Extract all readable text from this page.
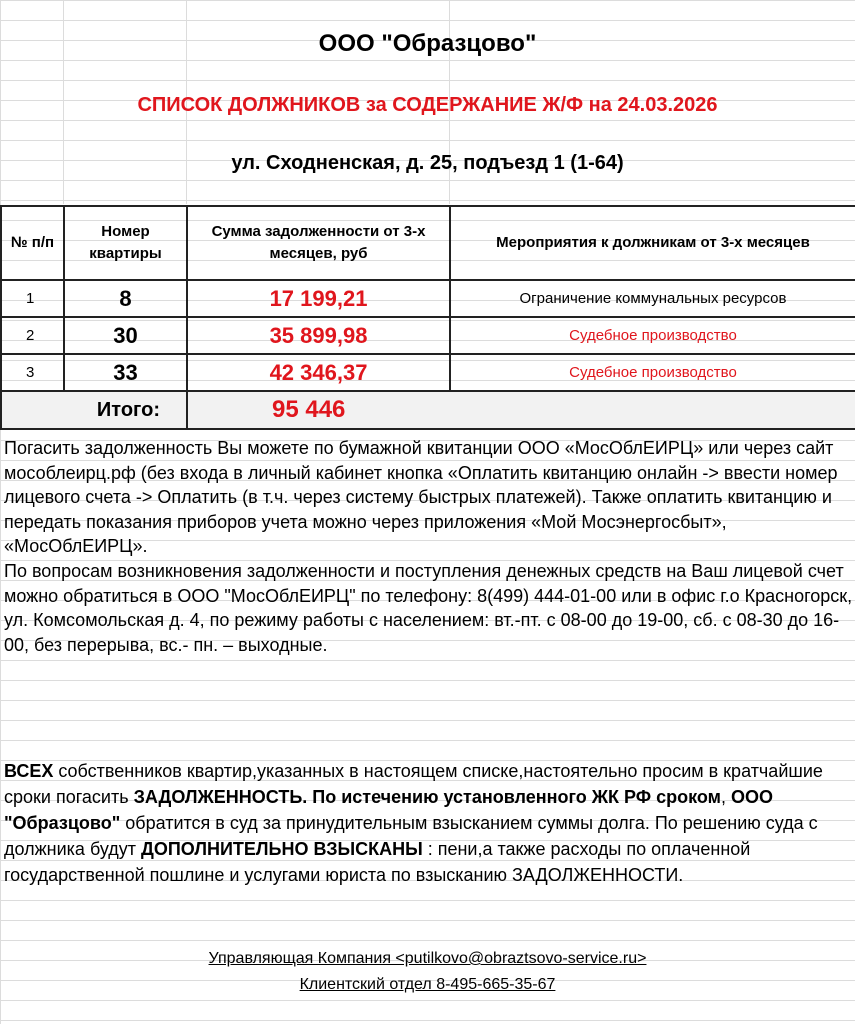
ООО "Образцово"
СПИСОК ДОЛЖНИКОВ за СОДЕРЖАНИЕ Ж/Ф на 24.03.2026
ул. Сходненская, д. 25, подъезд 1 (1-64)
№ п/п	Номер квартиры	Сумма задолженности от 3-х месяцев, руб	Мероприятия к должникам от 3-х месяцев
1	8	17 199,21	Ограничение коммунальных ресурсов
2	30	35 899,98	Судебное производство
3	33	42 346,37	Судебное производство
Итого:		95 446	
Погасить задолженность Вы можете по бумажной квитанции ООО «МосОблЕИРЦ» или через сайт мособлеирц.рф (без входа в личный кабинет кнопка «Оплатить квитанцию онлайн -> ввести номер лицевого счета -> Оплатить (в т.ч. через систему быстрых платежей). Также оплатить квитанцию и передать показания приборов учета можно через приложения «Мой Мосэнергосбыт», «МосОблЕИРЦ».
По вопросам возникновения задолженности и поступления денежных средств на Ваш лицевой счет можно обратиться в ООО "МосОблЕИРЦ" по телефону: 8(499) 444-01-00 или в офис г.о Красногорск, ул. Комсомольская д. 4, по режиму работы с населением: вт.-пт. с 08-00 до 19-00, сб. с 08-30 до 16-00, без перерыва, вс.- пн. – выходные.
ВСЕХ собственников квартир,указанных в настоящем списке,настоятельно просим в кратчайшие сроки погасить ЗАДОЛЖЕННОСТЬ. По истечению установленного ЖК РФ сроком, ООО "Образцово" обратится в суд за принудительным взысканием суммы долга. По решению суда с должника будут ДОПОЛНИТЕЛЬНО ВЗЫСКАНЫ : пени,а также расходы по оплаченной государственной пошлине и услугами юриста по взысканию ЗАДОЛЖЕННОСТИ.
Управляющая Компания <putilkovo@obraztsovo-service.ru>
Клиентский отдел 8-495-665-35-67
